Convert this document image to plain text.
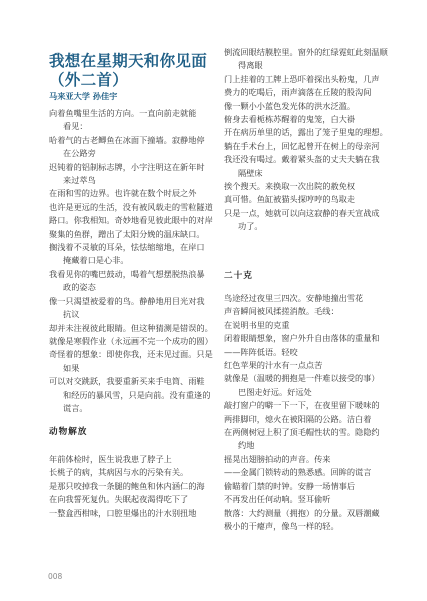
我想在星期天和你见面
（外二首）
马来亚大学 孙佳宇
向着鱼嘴里生活的方向。一直向前走就能
看见：
哈着气的古老鲫鱼在冰面下撞墙。寂静地停
在公路旁
迟钝着的铝制标志牌，小字注明这在新年时
来过萃鸟
在雨和雪的边界。也许就在数个时辰之外
也许是更远的生活，没有被风载走的雪粒隧道
路口。你我相知。奇妙地看见彼此眼中的对岸
聚集的鱼群，蹭出了太阳分娩的温床缺口。
搁浅着不灵敏的耳朵，怯怯缩缩地，在岸口
掩藏着口是心非。
我看见你的嘴巴鼓动，喝着气想摆脱热浪暴
政的姿态
像一只渴望被爱着的鸟。静静地用目光对我
抗议
却并未注视彼此眼睛。但这种猜测是错误的。
就像是寒假作业（永远画不完一个成功的圆）
奇怪着的想象：即使你我，还未见过面。只是
如果
可以对交跳跃，我要重新买来手电筒、雨鞋
和经历的暴风雪，只是向前。没有重逢的
谎言。
动物解放
年前体检时，医生说我患了脖子上
长桃子的病，其病因与水的污染有关。
是那只咬掉我一条腿的鲍鱼和休内涵仁的海
在向我誓死复仇。失眠起夜渴得吃下了
一整盒西柑味，口腔里爆出的汁水别扭地
倒流回眼结膜腔里。窗外的红绿霓虹此刻温顺
得离眼
门上挂着的工牌上恐吓着探出头粉鬼，几声
费力的吃喝后，雨声滴落在丘陵的股沟间
像一颗小小蓝色发光体的洪水泛滥。
俯身去看栀栋苏醒着的鬼笼，白大褂
开在病历单里的话，露出了笼子里鬼的理想。
躺在手术台上，回忆起曾开在树上的母亲河
我还没有喝过。戴着紧头盔的丈夫夫躺在我
隔壁床
挨个搜天。来换取一次出院的赦免权
真可惜。鱼缸被猫头探哼哼的鸟取走
只是一点，她就可以向这寂静的春天宣战成
功了。
二十克
鸟途经过夜里三四次。安静地撞出雪花
声音瞬间被风揉搓消散。毛线：
在说明书里的克重
闭着眼睛想象，窗户外升自由落体的重量和
——阵阵低语。轻咬
红色苹果的汁水有一点点苦
就像是（温暖的拥抱是一件难以接受的事）
巴图走好远。好远处
敲打窗户的噼一下一下，在夜里留下暖味的
两排脚印，熄火在被阳隔的公路。洁白着
在两侧树冠上积了顶毛帽性状的雪。隐隐约
约地
摇晃出翅膀拍动的声音。传来
——金属门锁转动的熟悉感。回眸的谎言
偷瞄着门禁的时钟。安静一场情事后
不再发出任何动响。竖耳偷听
散落：大约测量（拥抱）的分量。双唇潮藏
极小的干瘪声，像鸟一样的轻。
008
